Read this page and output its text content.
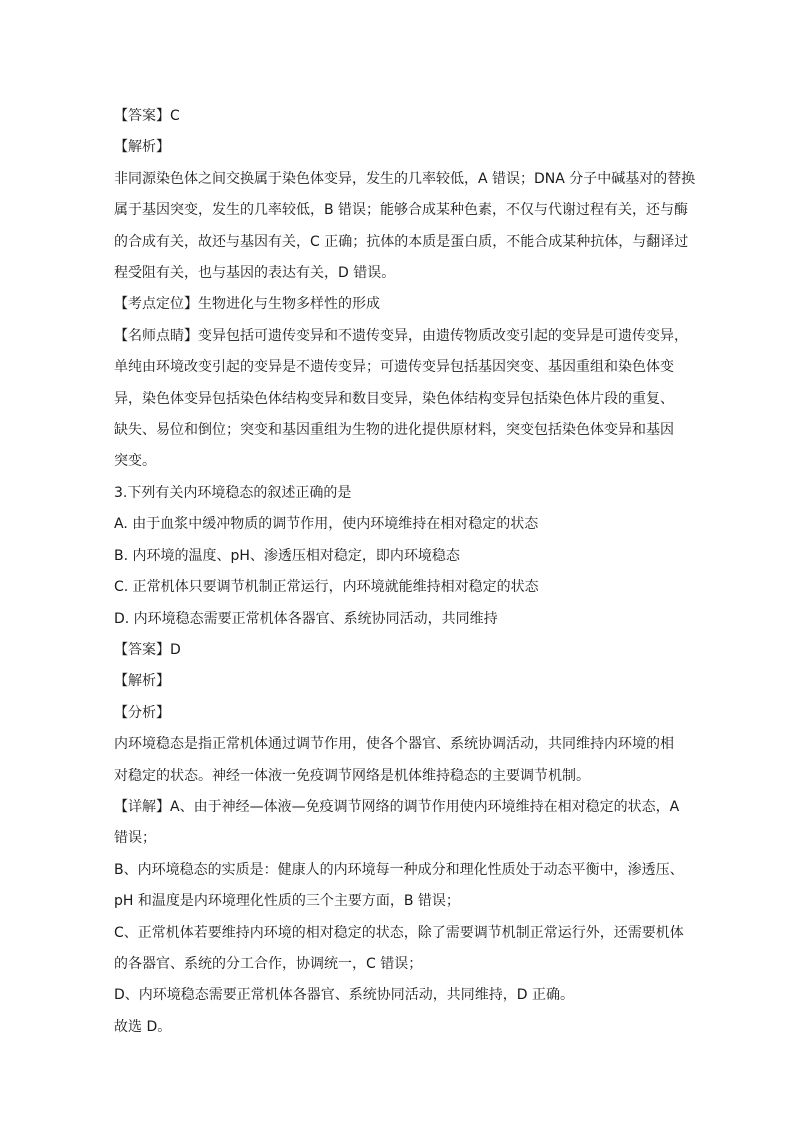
【答案】C

【解析】

非同源染色体之间交换属于染色体变异，发生的几率较低，A 错误；DNA 分子中碱基对的替换

属于基因突变，发生的几率较低，B 错误；能够合成某种色素，不仅与代谢过程有关，还与酶

的合成有关，故还与基因有关，C 正确；抗体的本质是蛋白质，不能合成某种抗体，与翻译过

程受阻有关，也与基因的表达有关，D 错误。

【考点定位】生物进化与生物多样性的形成

【名师点睛】变异包括可遗传变异和不遗传变异，由遗传物质改变引起的变异是可遗传变异，

单纯由环境改变引起的变异是不遗传变异；可遗传变异包括基因突变、基因重组和染色体变

异，染色体变异包括染色体结构变异和数目变异，染色体结构变异包括染色体片段的重复、

缺失、易位和倒位；突变和基因重组为生物的进化提供原材料，突变包括染色体变异和基因

突变。

3.下列有关内环境稳态的叙述正确的是

A. 由于血浆中缓冲物质的调节作用，使内环境维持在相对稳定的状态

B. 内环境的温度、pH、渗透压相对稳定，即内环境稳态

C. 正常机体只要调节机制正常运行，内环境就能维持相对稳定的状态

D. 内环境稳态需要正常机体各器官、系统协同活动，共同维持

【答案】D

【解析】

【分析】

内环境稳态是指正常机体通过调节作用，使各个器官、系统协调活动，共同维持内环境的相

对稳定的状态。神经一体液一免疫调节网络是机体维持稳态的主要调节机制。

【详解】A、由于神经—体液—免疫调节网络的调节作用使内环境维持在相对稳定的状态，A

错误；

B、内环境稳态的实质是：健康人的内环境每一种成分和理化性质处于动态平衡中，渗透压、

pH 和温度是内环境理化性质的三个主要方面，B 错误；

C、正常机体若要维持内环境的相对稳定的状态，除了需要调节机制正常运行外，还需要机体

的各器官、系统的分工合作，协调统一，C 错误；

D、内环境稳态需要正常机体各器官、系统协同活动，共同维持，D 正确。

故选 D。
